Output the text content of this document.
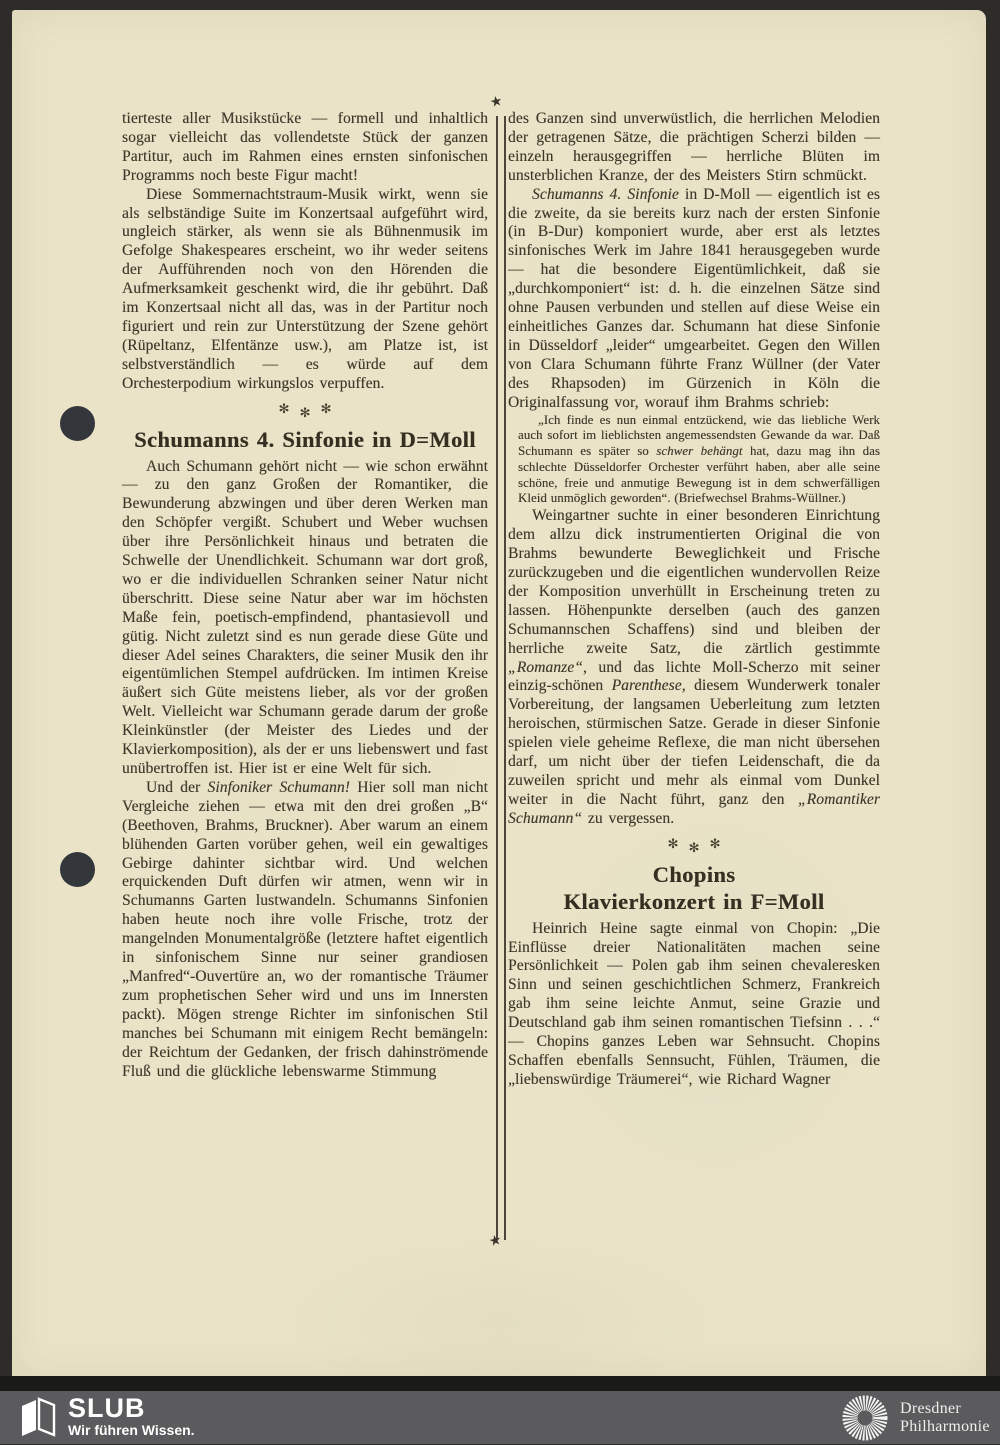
tierteste aller Musikstücke — formell und inhaltlich sogar vielleicht das vollendetste Stück der ganzen Partitur, auch im Rahmen eines ernsten sinfonischen Programms noch beste Figur macht!

Diese Sommernachtstraum-Musik wirkt, wenn sie als selbständige Suite im Konzertsaal aufgeführt wird, ungleich stärker, als wenn sie als Bühnenmusik im Gefolge Shakespeares erscheint, wo ihr weder seitens der Aufführenden noch von den Hörenden die Aufmerksamkeit geschenkt wird, die ihr gebührt. Daß im Konzertsaal nicht all das, was in der Partitur noch figuriert und rein zur Unterstützung der Szene gehört (Rüpeltanz, Elfentänze usw.), am Platze ist, ist selbstverständlich — es würde auf dem Orchesterpodium wirkungslos verpuffen.

✻ ✻ ✻
Schumanns 4. Sinfonie in D=Moll

Auch Schumann gehört nicht — wie schon erwähnt — zu den ganz Großen der Romantiker, die Bewunderung abzwingen und über deren Werken man den Schöpfer vergißt. Schubert und Weber wuchsen über ihre Persönlichkeit hinaus und betraten die Schwelle der Unendlichkeit. Schumann war dort groß, wo er die individuellen Schranken seiner Natur nicht überschritt. Diese seine Natur aber war im höchsten Maße fein, poetisch-empfindend, phantasievoll und gütig. Nicht zuletzt sind es nun gerade diese Güte und dieser Adel seines Charakters, die seiner Musik den ihr eigentümlichen Stempel aufdrücken. Im intimen Kreise äußert sich Güte meistens lieber, als vor der großen Welt. Vielleicht war Schumann gerade darum der große Kleinkünstler (der Meister des Liedes und der Klavierkomposition), als der er uns liebenswert und fast unübertroffen ist. Hier ist er eine Welt für sich.

Und der Sinfoniker Schumann! Hier soll man nicht Vergleiche ziehen — etwa mit den drei großen „B“ (Beethoven, Brahms, Bruckner). Aber warum an einem blühenden Garten vorüber gehen, weil ein gewaltiges Gebirge dahinter sichtbar wird. Und welchen erquickenden Duft dürfen wir atmen, wenn wir in Schumanns Garten lustwandeln. Schumanns Sinfonien haben heute noch ihre volle Frische, trotz der mangelnden Monumentalgröße (letztere haftet eigentlich in sinfonischem Sinne nur seiner grandiosen „Manfred“-Ouvertüre an, wo der romantische Träumer zum prophetischen Seher wird und uns im Innersten packt). Mögen strenge Richter im sinfonischen Stil manches bei Schumann mit einigem Recht bemängeln: der Reichtum der Gedanken, der frisch dahinströmende Fluß und die glückliche lebenswarme Stimmung

des Ganzen sind unverwüstlich, die herrlichen Melodien der getragenen Sätze, die prächtigen Scherzi bilden — einzeln herausgegriffen — herrliche Blüten im unsterblichen Kranze, der des Meisters Stirn schmückt.

Schumanns 4. Sinfonie in D-Moll — eigentlich ist es die zweite, da sie bereits kurz nach der ersten Sinfonie (in B-Dur) komponiert wurde, aber erst als letztes sinfonisches Werk im Jahre 1841 herausgegeben wurde — hat die besondere Eigentümlichkeit, daß sie „durchkomponiert“ ist: d. h. die einzelnen Sätze sind ohne Pausen verbunden und stellen auf diese Weise ein einheitliches Ganzes dar. Schumann hat diese Sinfonie in Düsseldorf „leider“ umgearbeitet. Gegen den Willen von Clara Schumann führte Franz Wüllner (der Vater des Rhapsoden) im Gürzenich in Köln die Originalfassung vor, worauf ihm Brahms schrieb:

„Ich finde es nun einmal entzückend, wie das liebliche Werk auch sofort im lieblichsten angemessendsten Gewande da war. Daß Schumann es später so schwer behängt hat, dazu mag ihn das schlechte Düsseldorfer Orchester verführt haben, aber alle seine schöne, freie und anmutige Bewegung ist in dem schwerfälligen Kleid unmöglich geworden“. (Briefwechsel Brahms-Wüllner.)

Weingartner suchte in einer besonderen Einrichtung dem allzu dick instrumentierten Original die von Brahms bewunderte Beweglichkeit und Frische zurückzugeben und die eigentlichen wundervollen Reize der Komposition unverhüllt in Erscheinung treten zu lassen. Höhenpunkte derselben (auch des ganzen Schumannschen Schaffens) sind und bleiben der herrliche zweite Satz, die zärtlich gestimmte „Romanze“, und das lichte Moll-Scherzo mit seiner einzig-schönen Parenthese, diesem Wunderwerk tonaler Vorbereitung, der langsamen Ueberleitung zum letzten heroischen, stürmischen Satze. Gerade in dieser Sinfonie spielen viele geheime Reflexe, die man nicht übersehen darf, um nicht über der tiefen Leidenschaft, die da zuweilen spricht und mehr als einmal vom Dunkel weiter in die Nacht führt, ganz den „Romantiker Schumann“ zu vergessen.

✻ ✻ ✻
Chopins
Klavierkonzert in F=Moll

Heinrich Heine sagte einmal von Chopin: „Die Einflüsse dreier Nationalitäten machen seine Persönlichkeit — Polen gab ihm seinen chevaleresken Sinn und seinen geschichtlichen Schmerz, Frankreich gab ihm seine leichte Anmut, seine Grazie und Deutschland gab ihm seinen romantischen Tiefsinn . . .“ — Chopins ganzes Leben war Sehnsucht. Chopins Schaffen ebenfalls Sennsucht, Fühlen, Träumen, die „liebenswürdige Träumerei“, wie Richard Wagner

★
★
SLUB
Wir führen Wissen.
Dresdner
Philharmonie
